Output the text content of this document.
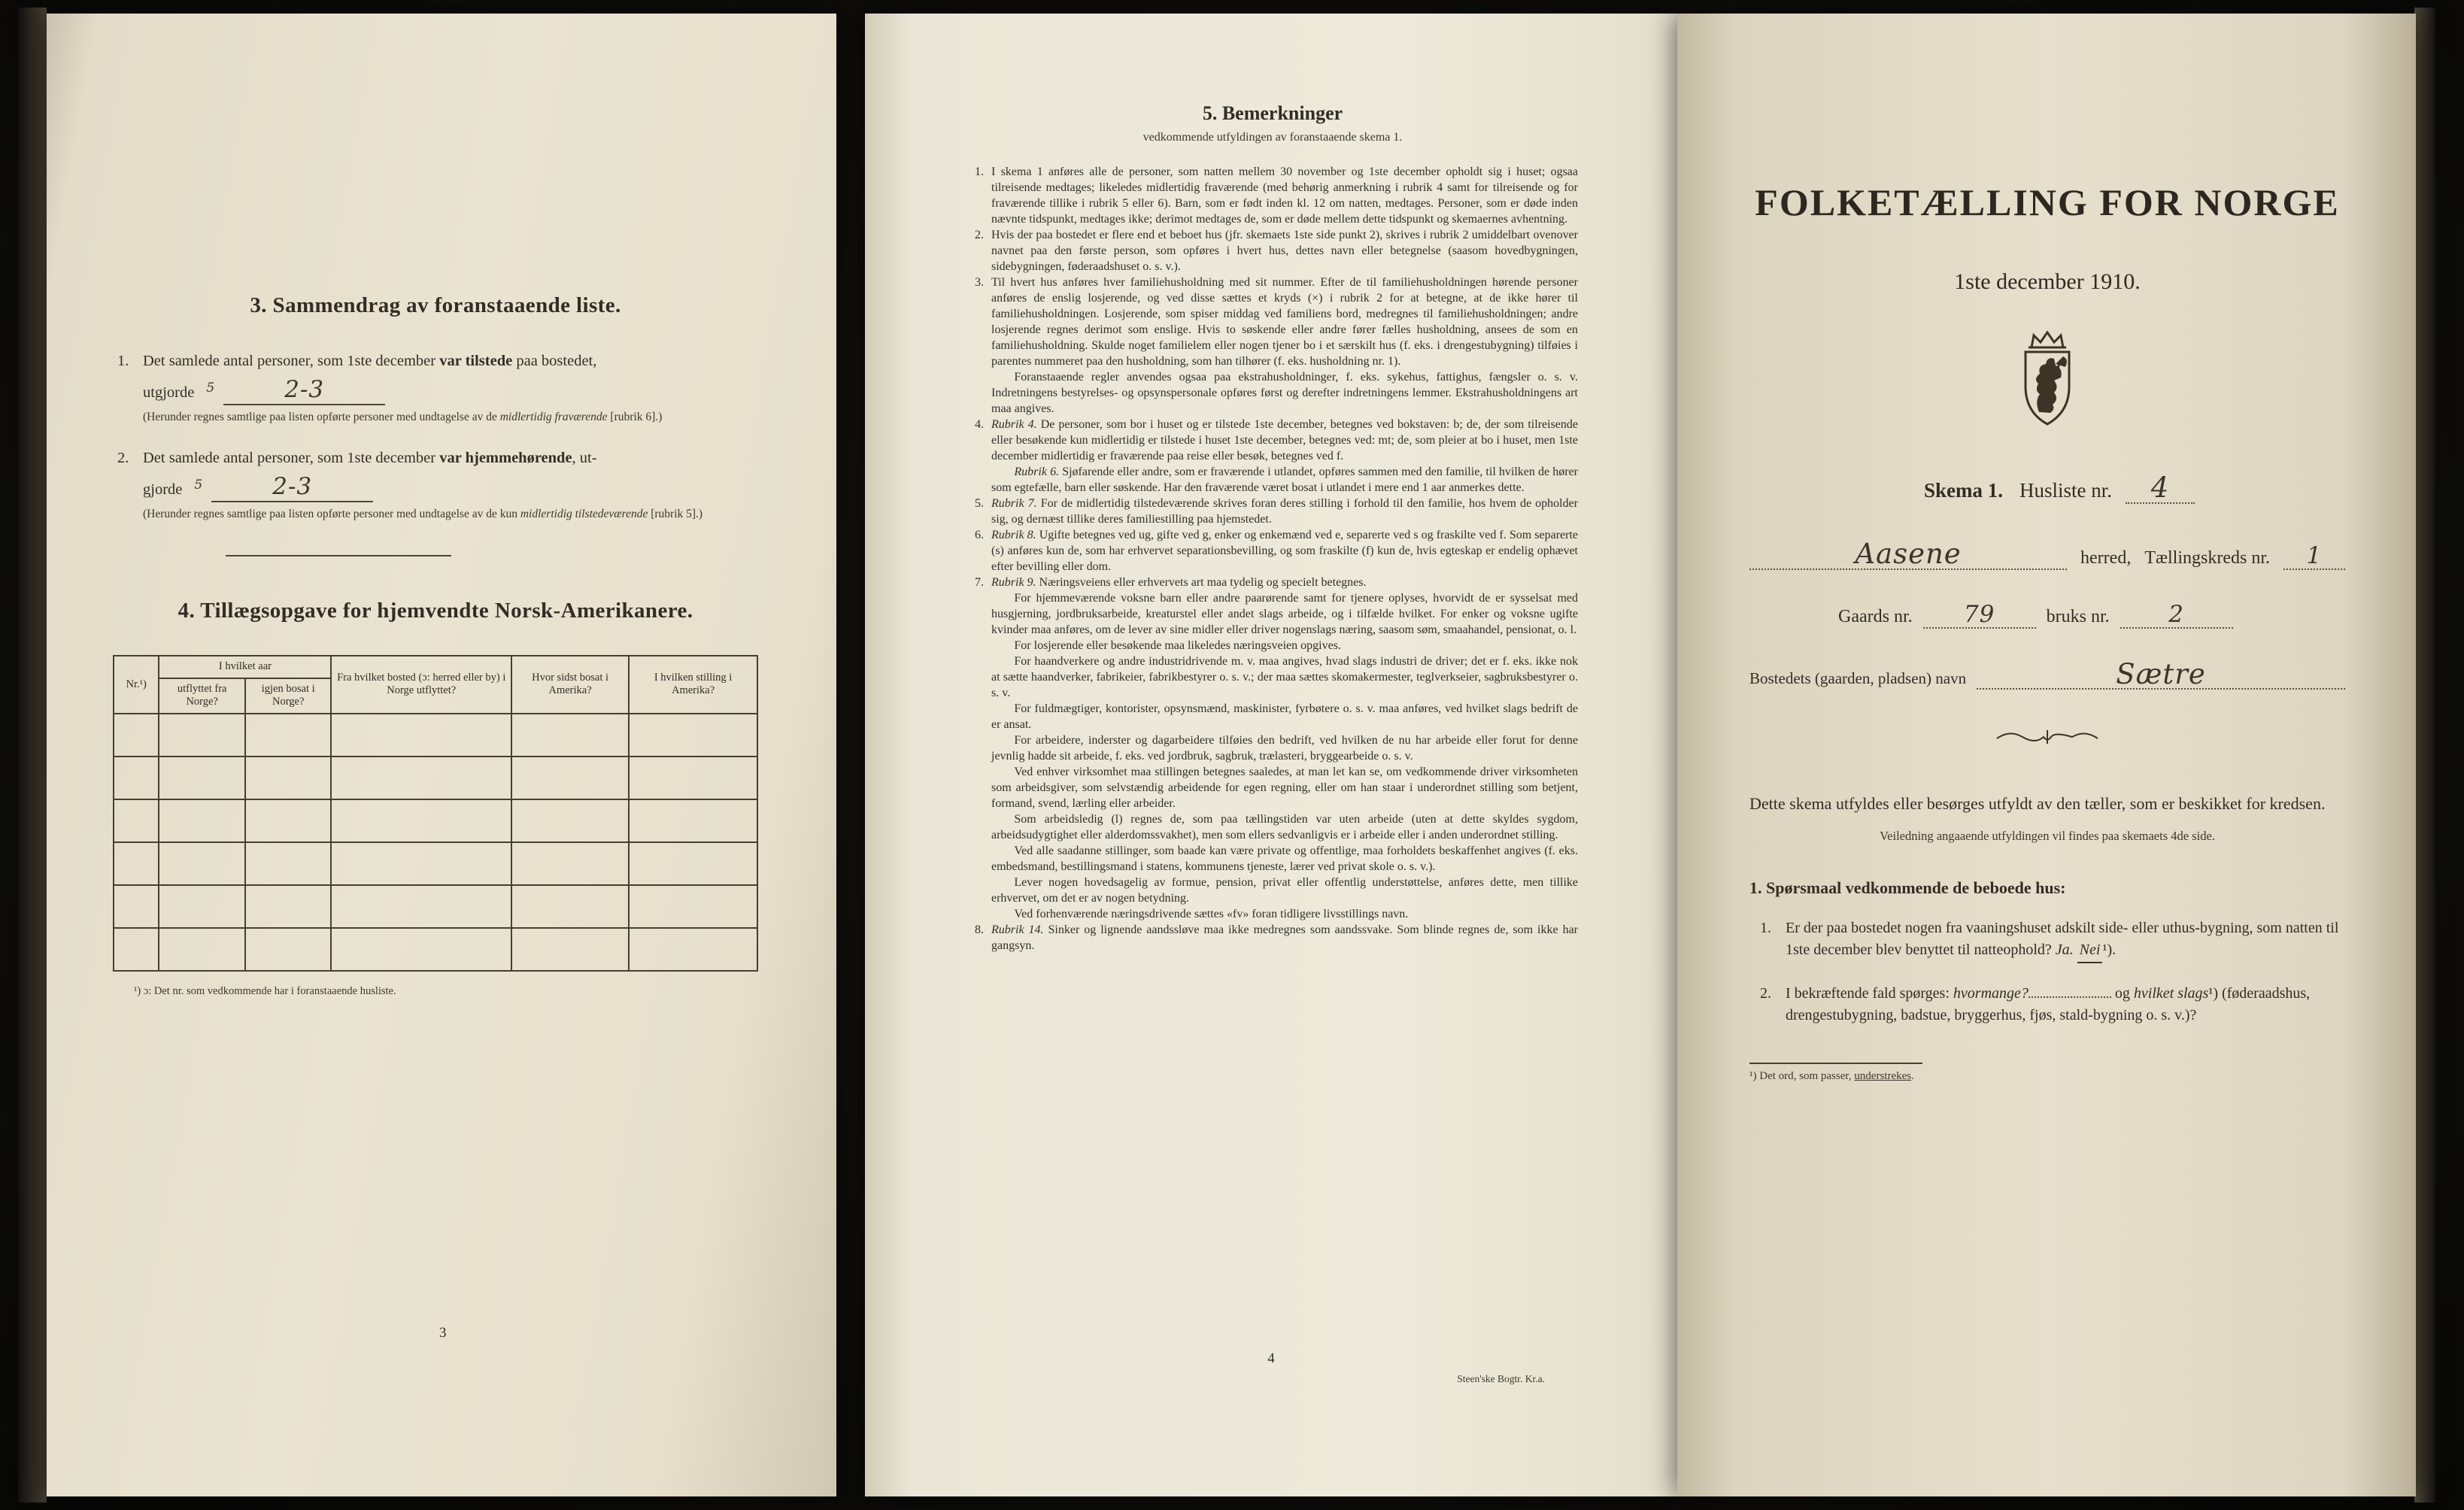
3. Sammendrag av foranstaaende liste.
1. Det samlede antal personer, som 1ste december var tilstede paa bostedet,
utgjorde $^5$	2-3
(Herunder regnes samtlige paa listen opførte personer med undtagelse av de midlertidig fraværende [rubrik 6].)
2. Det samlede antal personer, som 1ste december var hjemmehørende, ut-
gjorde $^5$	2-3
(Herunder regnes samtlige paa listen opførte personer med undtagelse av de kun midlertidig tilstedeværende [rubrik 5].)
4. Tillægsopgave for hjemvendte Norsk-Amerikanere.
Nr.¹)	I hvilket aar		Fra hvilket bosted (ɔ: herred eller by) i Norge utflyttet?	Hvor sidst bosat i Amerika?	I hvilken stilling i Amerika?
	utflyttet fra Norge?	igjen bosat i Norge?			

¹) ɔ: Det nr. som vedkommende har i foranstaaende husliste.
3
5. Bemerkninger
vedkommende utfyldingen av foranstaaende skema 1.
1. I skema 1 anføres alle de personer, som natten mellem 30 november og 1ste december opholdt sig i huset; ogsaa tilreisende medtages; likeledes midlertidig fraværende (med behørig anmerkning i rubrik 4 samt for tilreisende og for fraværende tillike i rubrik 5 eller 6). Barn, som er født inden kl. 12 om natten, medtages. Personer, som er døde inden nævnte tidspunkt, medtages ikke; derimot medtages de, som er døde mellem dette tidspunkt og skemaernes avhentning.

2. Hvis der paa bostedet er flere end et beboet hus (jfr. skemaets 1ste side punkt 2), skrives i rubrik 2 umiddelbart ovenover navnet paa den første person, som opføres i hvert hus, dettes navn eller betegnelse (saasom hovedbygningen, sidebygningen, føderaadshuset o. s. v.).

3. Til hvert hus anføres hver familiehusholdning med sit nummer. Efter de til familiehusholdningen hørende personer anføres de enslig losjerende, og ved disse sættes et kryds (×) i rubrik 2 for at betegne, at de ikke hører til familiehusholdningen. Losjerende, som spiser middag ved familiens bord, medregnes til familiehusholdningen; andre losjerende regnes derimot som enslige. Hvis to søskende eller andre fører fælles husholdning, ansees de som en familiehusholdning. Skulde noget familielem eller nogen tjener bo i et særskilt hus (f. eks. i drengestubygning) tilføies i parentes nummeret paa den husholdning, som han tilhører (f. eks. husholdning nr. 1).

Foranstaaende regler anvendes ogsaa paa ekstrahusholdninger, f. eks. sykehus, fattighus, fængsler o. s. v. Indretningens bestyrelses- og opsynspersonale opføres først og derefter indretningens lemmer. Ekstrahusholdningens art maa angives.

4. Rubrik 4. De personer, som bor i huset og er tilstede 1ste december, betegnes ved bokstaven: b; de, der som tilreisende eller besøkende kun midlertidig er tilstede i huset 1ste december, betegnes ved: mt; de, som pleier at bo i huset, men 1ste december midlertidig er fraværende paa reise eller besøk, betegnes ved f.

Rubrik 6. Sjøfarende eller andre, som er fraværende i utlandet, opføres sammen med den familie, til hvilken de hører som egtefælle, barn eller søskende. Har den fraværende været bosat i utlandet i mere end 1 aar anmerkes dette.

5. Rubrik 7. For de midlertidig tilstedeværende skrives foran deres stilling i forhold til den familie, hos hvem de opholder sig, og dernæst tillike deres familiestilling paa hjemstedet.

6. Rubrik 8. Ugifte betegnes ved ug, gifte ved g, enker og enkemænd ved e, separerte ved s og fraskilte ved f. Som separerte (s) anføres kun de, som har erhvervet separationsbevilling, og som fraskilte (f) kun de, hvis egteskap er endelig ophævet efter bevilling eller dom.

7. Rubrik 9. Næringsveiens eller erhvervets art maa tydelig og specielt betegnes.

For hjemmeværende voksne barn eller andre paarørende samt for tjenere oplyses, hvorvidt de er sysselsat med husgjerning, jordbruksarbeide, kreaturstel eller andet slags arbeide, og i tilfælde hvilket. For enker og voksne ugifte kvinder maa anføres, om de lever av sine midler eller driver nogenslags næring, saasom søm, smaahandel, pensionat, o. l.

For losjerende eller besøkende maa likeledes næringsveien opgives.

For haandverkere og andre industridrivende m. v. maa angives, hvad slags industri de driver; det er f. eks. ikke nok at sætte haandverker, fabrikeier, fabrikbestyrer o. s. v.; der maa sættes skomakermester, teglverkseier, sagbruksbestyrer o. s. v.

For fuldmægtiger, kontorister, opsynsmænd, maskinister, fyrbøtere o. s. v. maa anføres, ved hvilket slags bedrift de er ansat.

For arbeidere, inderster og dagarbeidere tilføies den bedrift, ved hvilken de nu har arbeide eller forut for denne jevnlig hadde sit arbeide, f. eks. ved jordbruk, sagbruk, trælasteri, bryggearbeide o. s. v.

Ved enhver virksomhet maa stillingen betegnes saaledes, at man let kan se, om vedkommende driver virksomheten som arbeidsgiver, som selvstændig arbeidende for egen regning, eller om han staar i underordnet stilling som betjent, formand, svend, lærling eller arbeider.

Som arbeidsledig (l) regnes de, som paa tællingstiden var uten arbeide (uten at dette skyldes sygdom, arbeidsudygtighet eller alderdomssvakhet), men som ellers sedvanligvis er i arbeide eller i anden underordnet stilling.

Ved alle saadanne stillinger, som baade kan være private og offentlige, maa forholdets beskaffenhet angives (f. eks. embedsmand, bestillingsmand i statens, kommunens tjeneste, lærer ved privat skole o. s. v.).

Lever nogen hovedsagelig av formue, pension, privat eller offentlig understøttelse, anføres dette, men tillike erhvervet, om det er av nogen betydning.

Ved forhenværende næringsdrivende sættes «fv» foran tidligere livsstillings navn.

8. Rubrik 14. Sinker og lignende aandssløve maa ikke medregnes som aandssvake. Som blinde regnes de, som ikke har gangsyn.

4
Steen'ske Bogtr. Kr.a.
FOLKETÆLLING FOR NORGE
1ste december 1910.
Skema 1. Husliste nr.	4
Aasene	herred, Tællingskreds nr.	1
Gaards nr.	79	bruks nr.	2
Bostedets (gaarden, pladsen) navn	Sætre

Dette skema utfyldes eller besørges utfyldt av den tæller, som er beskikket for kredsen.

Veiledning angaaende utfyldingen vil findes paa skemaets 4de side.
1. Spørsmaal vedkommende de beboede hus:
1. Er der paa bostedet nogen fra vaaningshuset adskilt side- eller uthus-bygning, som natten til 1ste december blev benyttet til natteophold? Ja. Nei ¹).
2. I bekræftende fald spørges: hvormange?	og hvilket slags¹) (føderaadshus, drengestubygning, badstue, bryggerhus, fjøs, stald-bygning o. s. v.)?
¹) Det ord, som passer, understrekes.
